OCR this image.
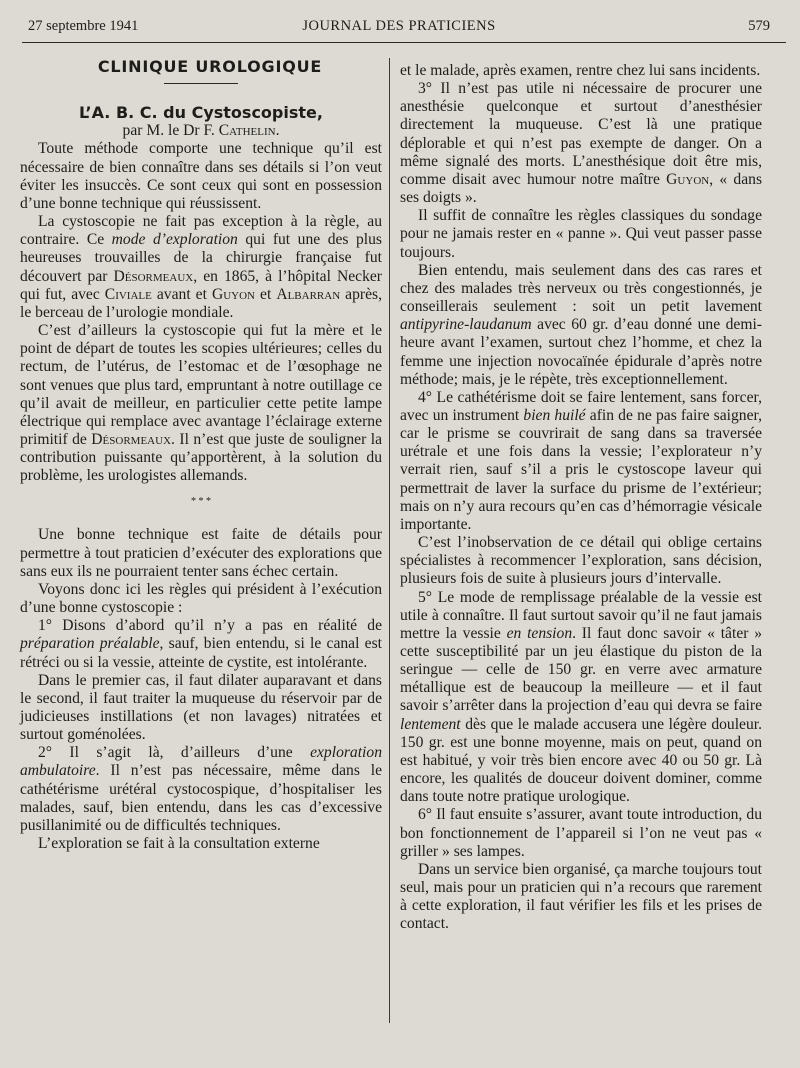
27 septembre 1941	JOURNAL DES PRATICIENS	579

CLINIQUE UROLOGIQUE

L’A. B. C. du Cystoscopiste,

par M. le Dr F. Cathelin.

Toute méthode comporte une technique qu’il est nécessaire de bien connaître dans ses détails si l’on veut éviter les insuccès. Ce sont ceux qui sont en possession d’une bonne technique qui réussissent.

La cystoscopie ne fait pas exception à la règle, au contraire. Ce mode d’exploration qui fut une des plus heureuses trouvailles de la chirurgie française fut découvert par Désormeaux, en 1865, à l’hôpital Necker qui fut, avec Civiale avant et Guyon et Albarran après, le berceau de l’urologie mondiale.

C’est d’ailleurs la cystoscopie qui fut la mère et le point de départ de toutes les scopies ultérieures; celles du rectum, de l’utérus, de l’estomac et de l’œsophage ne sont venues que plus tard, empruntant à notre outillage ce qu’il avait de meilleur, en particulier cette petite lampe électrique qui remplace avec avantage l’éclairage externe primitif de Désormeaux. Il n’est que juste de souligner la contribution puissante qu’apportèrent, à la solution du problème, les urologistes allemands.

* * *

Une bonne technique est faite de détails pour permettre à tout praticien d’exécuter des explorations que sans eux ils ne pourraient tenter sans échec certain.

Voyons donc ici les règles qui président à l’exécution d’une bonne cystoscopie :

1° Disons d’abord qu’il n’y a pas en réalité de préparation préalable, sauf, bien entendu, si le canal est rétréci ou si la vessie, atteinte de cystite, est intolérante.

Dans le premier cas, il faut dilater auparavant et dans le second, il faut traiter la muqueuse du réservoir par de judicieuses instillations (et non lavages) nitratées et surtout goménolées.

2° Il s’agit là, d’ailleurs d’une exploration ambulatoire. Il n’est pas nécessaire, même dans le cathétérisme urétéral cystocospique, d’hospitaliser les malades, sauf, bien entendu, dans les cas d’excessive pusillanimité ou de difficultés techniques.

L’exploration se fait à la consultation externe

et le malade, après examen, rentre chez lui sans incidents.

3° Il n’est pas utile ni nécessaire de procurer une anesthésie quelconque et surtout d’anesthésier directement la muqueuse. C’est là une pratique déplorable et qui n’est pas exempte de danger. On a même signalé des morts. L’anesthésique doit être mis, comme disait avec humour notre maître Guyon, « dans ses doigts ».

Il suffit de connaître les règles classiques du sondage pour ne jamais rester en « panne ». Qui veut passer passe toujours.

Bien entendu, mais seulement dans des cas rares et chez des malades très nerveux ou très congestionnés, je conseillerais seulement : soit un petit lavement antipyrine-laudanum avec 60 gr. d’eau donné une demi-heure avant l’examen, surtout chez l’homme, et chez la femme une injection novocaïnée épidurale d’après notre méthode; mais, je le répète, très exceptionnellement.

4° Le cathétérisme doit se faire lentement, sans forcer, avec un instrument bien huilé afin de ne pas faire saigner, car le prisme se couvrirait de sang dans sa traversée urétrale et une fois dans la vessie; l’explorateur n’y verrait rien, sauf s’il a pris le cystoscope laveur qui permettrait de laver la surface du prisme de l’extérieur; mais on n’y aura recours qu’en cas d’hémorragie vésicale importante.

C’est l’inobservation de ce détail qui oblige certains spécialistes à recommencer l’exploration, sans décision, plusieurs fois de suite à plusieurs jours d’intervalle.

5° Le mode de remplissage préalable de la vessie est utile à connaître. Il faut surtout savoir qu’il ne faut jamais mettre la vessie en tension. Il faut donc savoir « tâter » cette susceptibilité par un jeu élastique du piston de la seringue — celle de 150 gr. en verre avec armature métallique est de beaucoup la meilleure — et il faut savoir s’arrêter dans la projection d’eau qui devra se faire lentement dès que le malade accusera une légère douleur. 150 gr. est une bonne moyenne, mais on peut, quand on est habitué, y voir très bien encore avec 40 ou 50 gr. Là encore, les qualités de douceur doivent dominer, comme dans toute notre pratique urologique.

6° Il faut ensuite s’assurer, avant toute introduction, du bon fonctionnement de l’appareil si l’on ne veut pas « griller » ses lampes.

Dans un service bien organisé, ça marche toujours tout seul, mais pour un praticien qui n’a recours que rarement à cette exploration, il faut vérifier les fils et les prises de contact.
